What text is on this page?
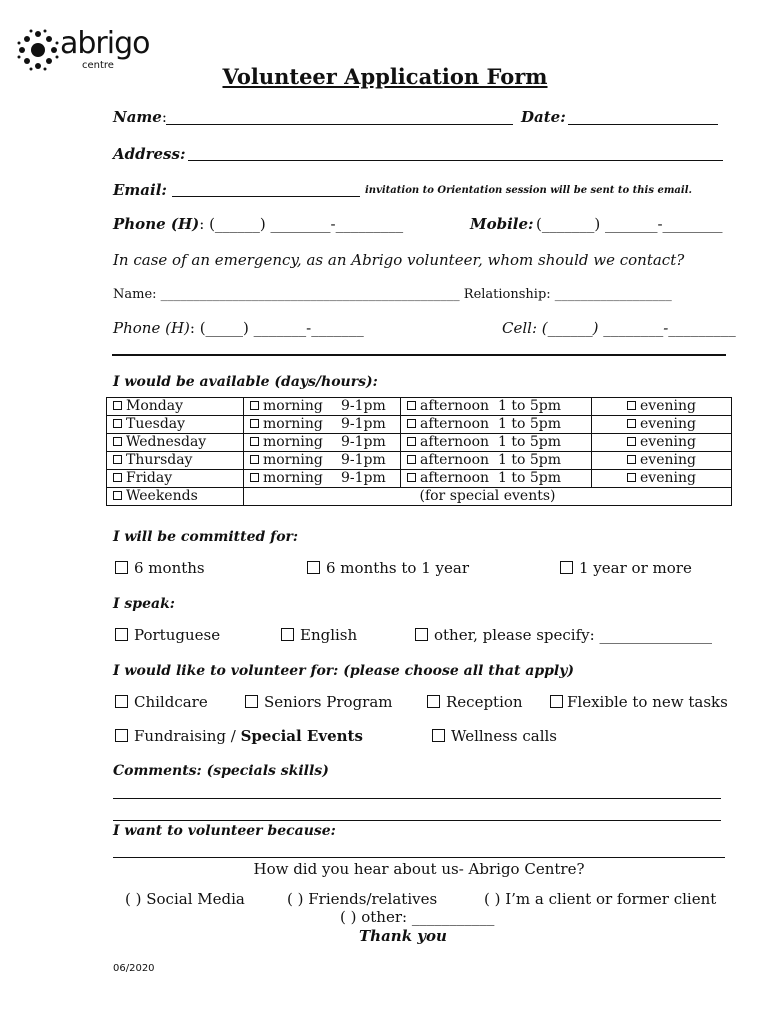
abrigo
centre	Volunteer Application Form
Name:	Date:
Address:
Email:	invitation to Orientation session will be sent to this email.
Phone (H): (______) ________-_________	Mobile: (_______) _______-________
In case of an emergency, as an Abrigo volunteer, whom should we contact?
Name: ______________________________________________ Relationship: __________________
Phone (H): (_____) _______-_______	Cell: (______) ________-_________
I would be available (days/hours):
Monday	morning 9-1pm	afternoon 1 to 5pm	evening
Tuesday	morning 9-1pm	afternoon 1 to 5pm	evening
Wednesday	morning 9-1pm	afternoon 1 to 5pm	evening
Thursday	morning 9-1pm	afternoon 1 to 5pm	evening
Friday	morning 9-1pm	afternoon 1 to 5pm	evening
Weekends	(for special events)		
I will be committed for:
6 months	6 months to 1 year	1 year or more
I speak:
Portuguese	English	other, please specify: _______________
I would like to volunteer for: (please choose all that apply)
Childcare	Seniors Program	Reception	Flexible to new tasks
Fundraising / Special Events	Wellness calls
Comments: (specials skills)
I want to volunteer because:
How did you hear about us- Abrigo Centre?
( ) Social Media	( ) Friends/relatives	( ) I’m a client or former client
( ) other: ___________
Thank you
06/2020
